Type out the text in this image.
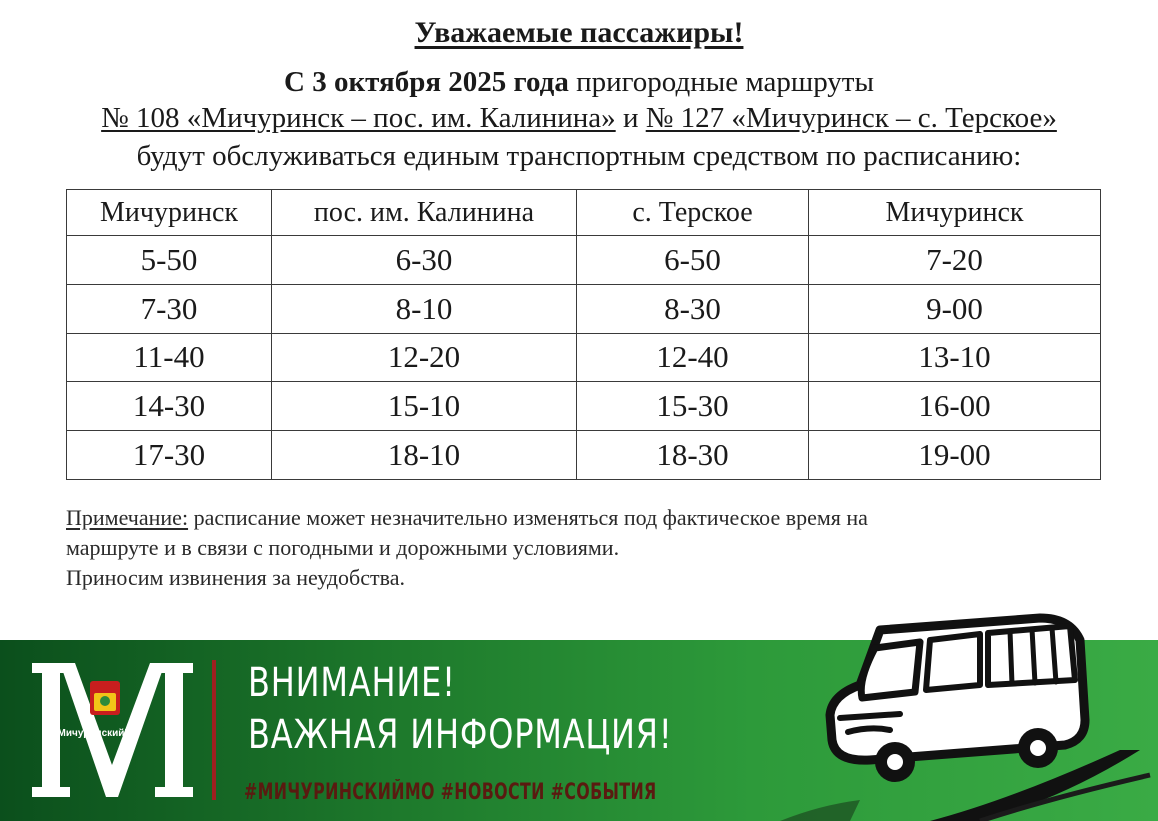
Уважаемые пассажиры!
С 3 октября 2025 года пригородные маршруты
№ 108 «Мичуринск – пос. им. Калинина» и № 127 «Мичуринск – с. Терское»
будут обслуживаться единым транспортным средством по расписанию:
Мичуринск	пос. им. Калинина	с. Терское	Мичуринск
5-50	6-30	6-50	7-20
7-30	8-10	8-30	9-00
11-40	12-20	12-40	13-10
14-30	15-10	15-30	16-00
17-30	18-10	18-30	19-00
Примечание: расписание может незначительно изменяться под фактическое время на
маршруте и в связи с погодными и дорожными условиями.
Приносим извинения за неудобства.
#МичуринскийМО
ВНИМАНИЕ!
ВАЖНАЯ ИНФОРМАЦИЯ!
#МИЧУРИНСКИЙМО #НОВОСТИ #СОБЫТИЯ
